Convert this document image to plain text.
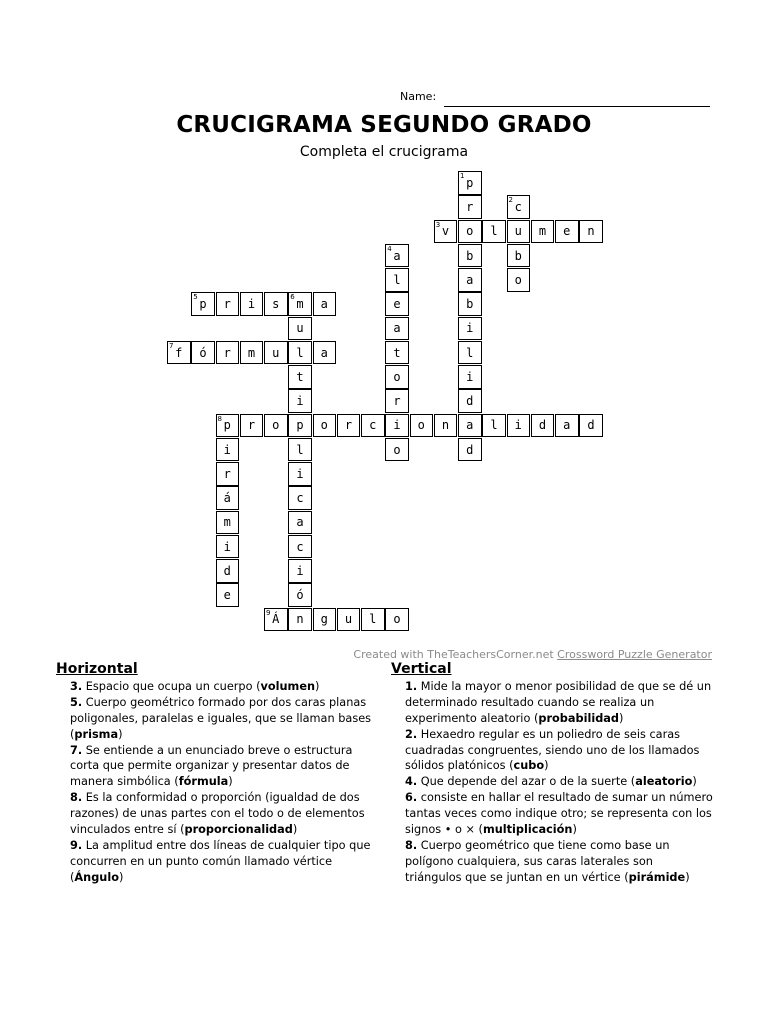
Name:
CRUCIGRAMA SEGUNDO GRADO
Completa el crucigrama
1 p
r
o
b
a
b
i
l
i
d
a
d
2 c
u
b
o
3 v	l	m e n
4 a
l
e
a
t
o
r
i
o
5 p r i s 6 m a
u
l
t
i
p
l
i
c
a
c
i
ó
7 f ó r m u	a
8 p r o	o r c	o n	l i d a d
i
r
á
m
i
d
e
9 Á n g u l o
Created with TheTeachersCorner.net Crossword Puzzle Generator
Horizontal
3. Espacio que ocupa un cuerpo (volumen)
5. Cuerpo geométrico formado por dos caras planas poligonales, paralelas e iguales, que se llaman bases (prisma)
7. Se entiende a un enunciado breve o estructura corta que permite organizar y presentar datos de manera simbólica (fórmula)
8. Es la conformidad o proporción (igualdad de dos razones) de unas partes con el todo o de elementos vinculados entre sí (proporcionalidad)
9. La amplitud entre dos líneas de cualquier tipo que concurren en un punto común llamado vértice (Ángulo)
Vertical
1. Mide la mayor o menor posibilidad de que se dé un determinado resultado cuando se realiza un experimento aleatorio (probabilidad)
2. Hexaedro regular es un poliedro de seis caras cuadradas congruentes, siendo uno de los llamados sólidos platónicos (cubo)
4. Que depende del azar o de la suerte (aleatorio)
6. consiste en hallar el resultado de sumar un número tantas veces como indique otro; se representa con los signos • o × (multiplicación)
8. Cuerpo geométrico que tiene como base un polígono cualquiera, sus caras laterales son triángulos que se juntan en un vértice (pirámide)
